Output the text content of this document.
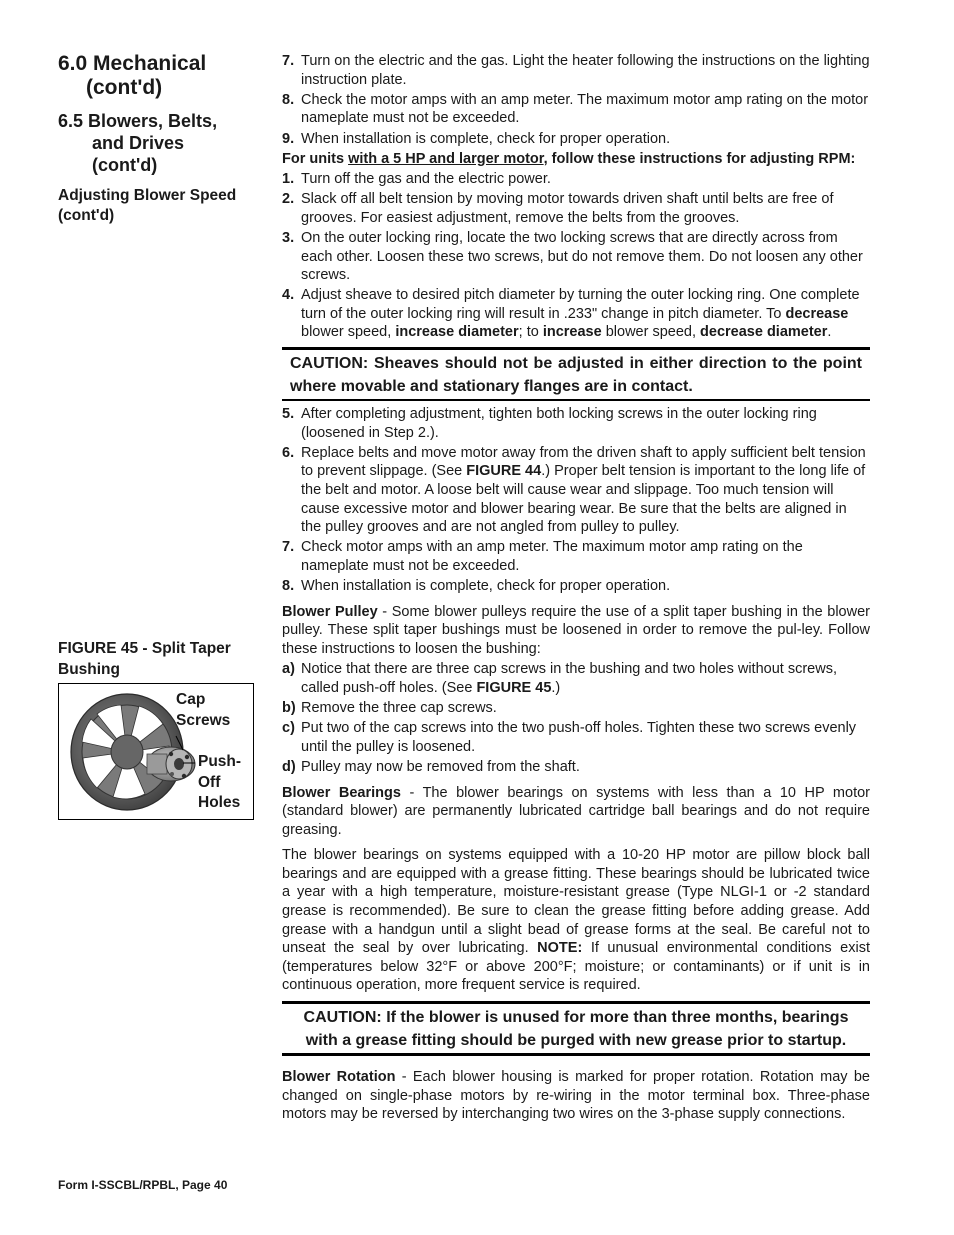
6.0 Mechanical
(cont'd)
6.5 Blowers, Belts,
and Drives
(cont'd)
Adjusting Blower Speed (cont'd)
FIGURE 45 - Split Taper Bushing
Cap
Screws
Push-
Off
Holes
7. Turn on the electric and the gas. Light the heater following the instructions on the lighting instruction plate.
8. Check the motor amps with an amp meter. The maximum motor amp rating on the motor nameplate must not be exceeded.
9. When installation is complete, check for proper operation.
For units with a 5 HP and larger motor, follow these instructions for adjusting RPM:
1. Turn off the gas and the electric power.
2. Slack off all belt tension by moving motor towards driven shaft until belts are free of grooves. For easiest adjustment, remove the belts from the grooves.
3. On the outer locking ring, locate the two locking screws that are directly across from each other. Loosen these two screws, but do not remove them. Do not loosen any other screws.
4. Adjust sheave to desired pitch diameter by turning the outer locking ring. One complete turn of the outer locking ring will result in .233" change in pitch diameter. To decrease blower speed, increase diameter; to increase blower speed, decrease diameter.
CAUTION: Sheaves should not be adjusted in either direction to the point where movable and stationary flanges are in contact.
5. After completing adjustment, tighten both locking screws in the outer locking ring (loosened in Step 2.).
6. Replace belts and move motor away from the driven shaft to apply sufficient belt tension to prevent slippage. (See FIGURE 44.) Proper belt tension is important to the long life of the belt and motor. A loose belt will cause wear and slippage. Too much tension will cause excessive motor and blower bearing wear. Be sure that the belts are aligned in the pulley grooves and are not angled from pulley to pulley.
7. Check motor amps with an amp meter. The maximum motor amp rating on the nameplate must not be exceeded.
8. When installation is complete, check for proper operation.
Blower Pulley - Some blower pulleys require the use of a split taper bushing in the blower pulley. These split taper bushings must be loosened in order to remove the pul-ley. Follow these instructions to loosen the bushing:
a) Notice that there are three cap screws in the bushing and two holes without screws, called push-off holes. (See FIGURE 45.)
b) Remove the three cap screws.
c) Put two of the cap screws into the two push-off holes. Tighten these two screws evenly until the pulley is loosened.
d) Pulley may now be removed from the shaft.
Blower Bearings - The blower bearings on systems with less than a 10 HP motor (standard blower) are permanently lubricated cartridge ball bearings and do not require greasing.
The blower bearings on systems equipped with a 10-20 HP motor are pillow block ball bearings and are equipped with a grease fitting. These bearings should be lubricated twice a year with a high temperature, moisture-resistant grease (Type NLGI-1 or -2 standard grease is recommended). Be sure to clean the grease fitting before adding grease. Add grease with a handgun until a slight bead of grease forms at the seal. Be careful not to unseat the seal by over lubricating. NOTE: If unusual environmental conditions exist (temperatures below 32°F or above 200°F; moisture; or contaminants) or if unit is in continuous operation, more frequent service is required.
CAUTION: If the blower is unused for more than three months, bearings with a grease fitting should be purged with new grease prior to startup.
Blower Rotation - Each blower housing is marked for proper rotation. Rotation may be changed on single-phase motors by re-wiring in the motor terminal box. Three-phase motors may be reversed by interchanging two wires on the 3-phase supply connections.
Form I-SSCBL/RPBL, Page 40
